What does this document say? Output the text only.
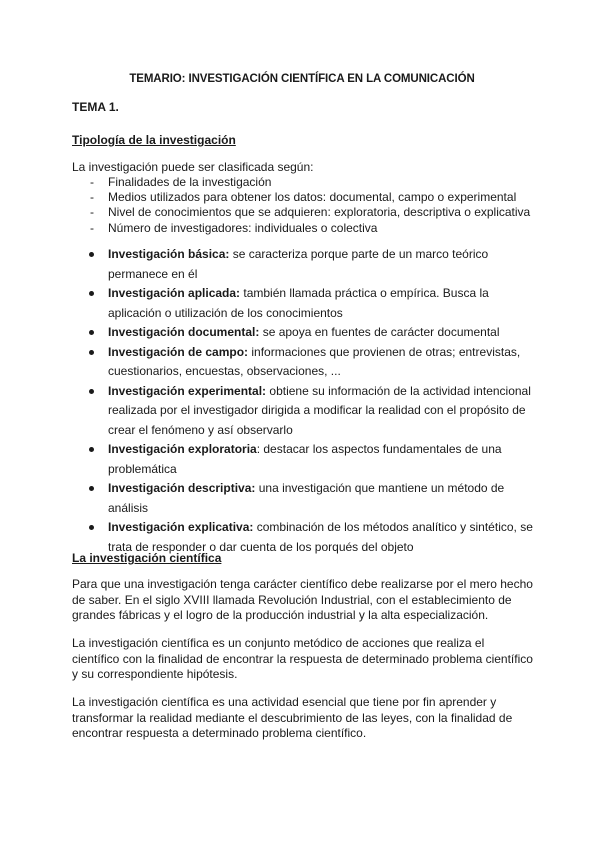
TEMARIO: INVESTIGACIÓN CIENTÍFICA EN LA COMUNICACIÓN
TEMA 1.
Tipología de la investigación
La investigación puede ser clasificada según:
- Finalidades de la investigación
- Medios utilizados para obtener los datos: documental, campo o experimental
- Nivel de conocimientos que se adquieren: exploratoria, descriptiva o explicativa
- Número de investigadores: individuales o colectiva
Investigación básica: se caracteriza porque parte de un marco teórico permanece en él
Investigación aplicada: también llamada práctica o empírica. Busca la aplicación o utilización de los conocimientos
Investigación documental: se apoya en fuentes de carácter documental
Investigación de campo: informaciones que provienen de otras; entrevistas, cuestionarios, encuestas, observaciones, ...
Investigación experimental: obtiene su información de la actividad intencional realizada por el investigador dirigida a modificar la realidad con el propósito de crear el fenómeno y así observarlo
Investigación exploratoria: destacar los aspectos fundamentales de una problemática
Investigación descriptiva: una investigación que mantiene un método de análisis
Investigación explicativa: combinación de los métodos analítico y sintético, se trata de responder o dar cuenta de los porqués del objeto
La investigación científica
Para que una investigación tenga carácter científico debe realizarse por el mero hecho de saber. En el siglo XVIII llamada Revolución Industrial, con el establecimiento de grandes fábricas y el logro de la producción industrial y la alta especialización.
La investigación científica es un conjunto metódico de acciones que realiza el científico con la finalidad de encontrar la respuesta de determinado problema científico y su correspondiente hipótesis.
La investigación científica es una actividad esencial que tiene por fin aprender y transformar la realidad mediante el descubrimiento de las leyes, con la finalidad de encontrar respuesta a determinado problema científico.
